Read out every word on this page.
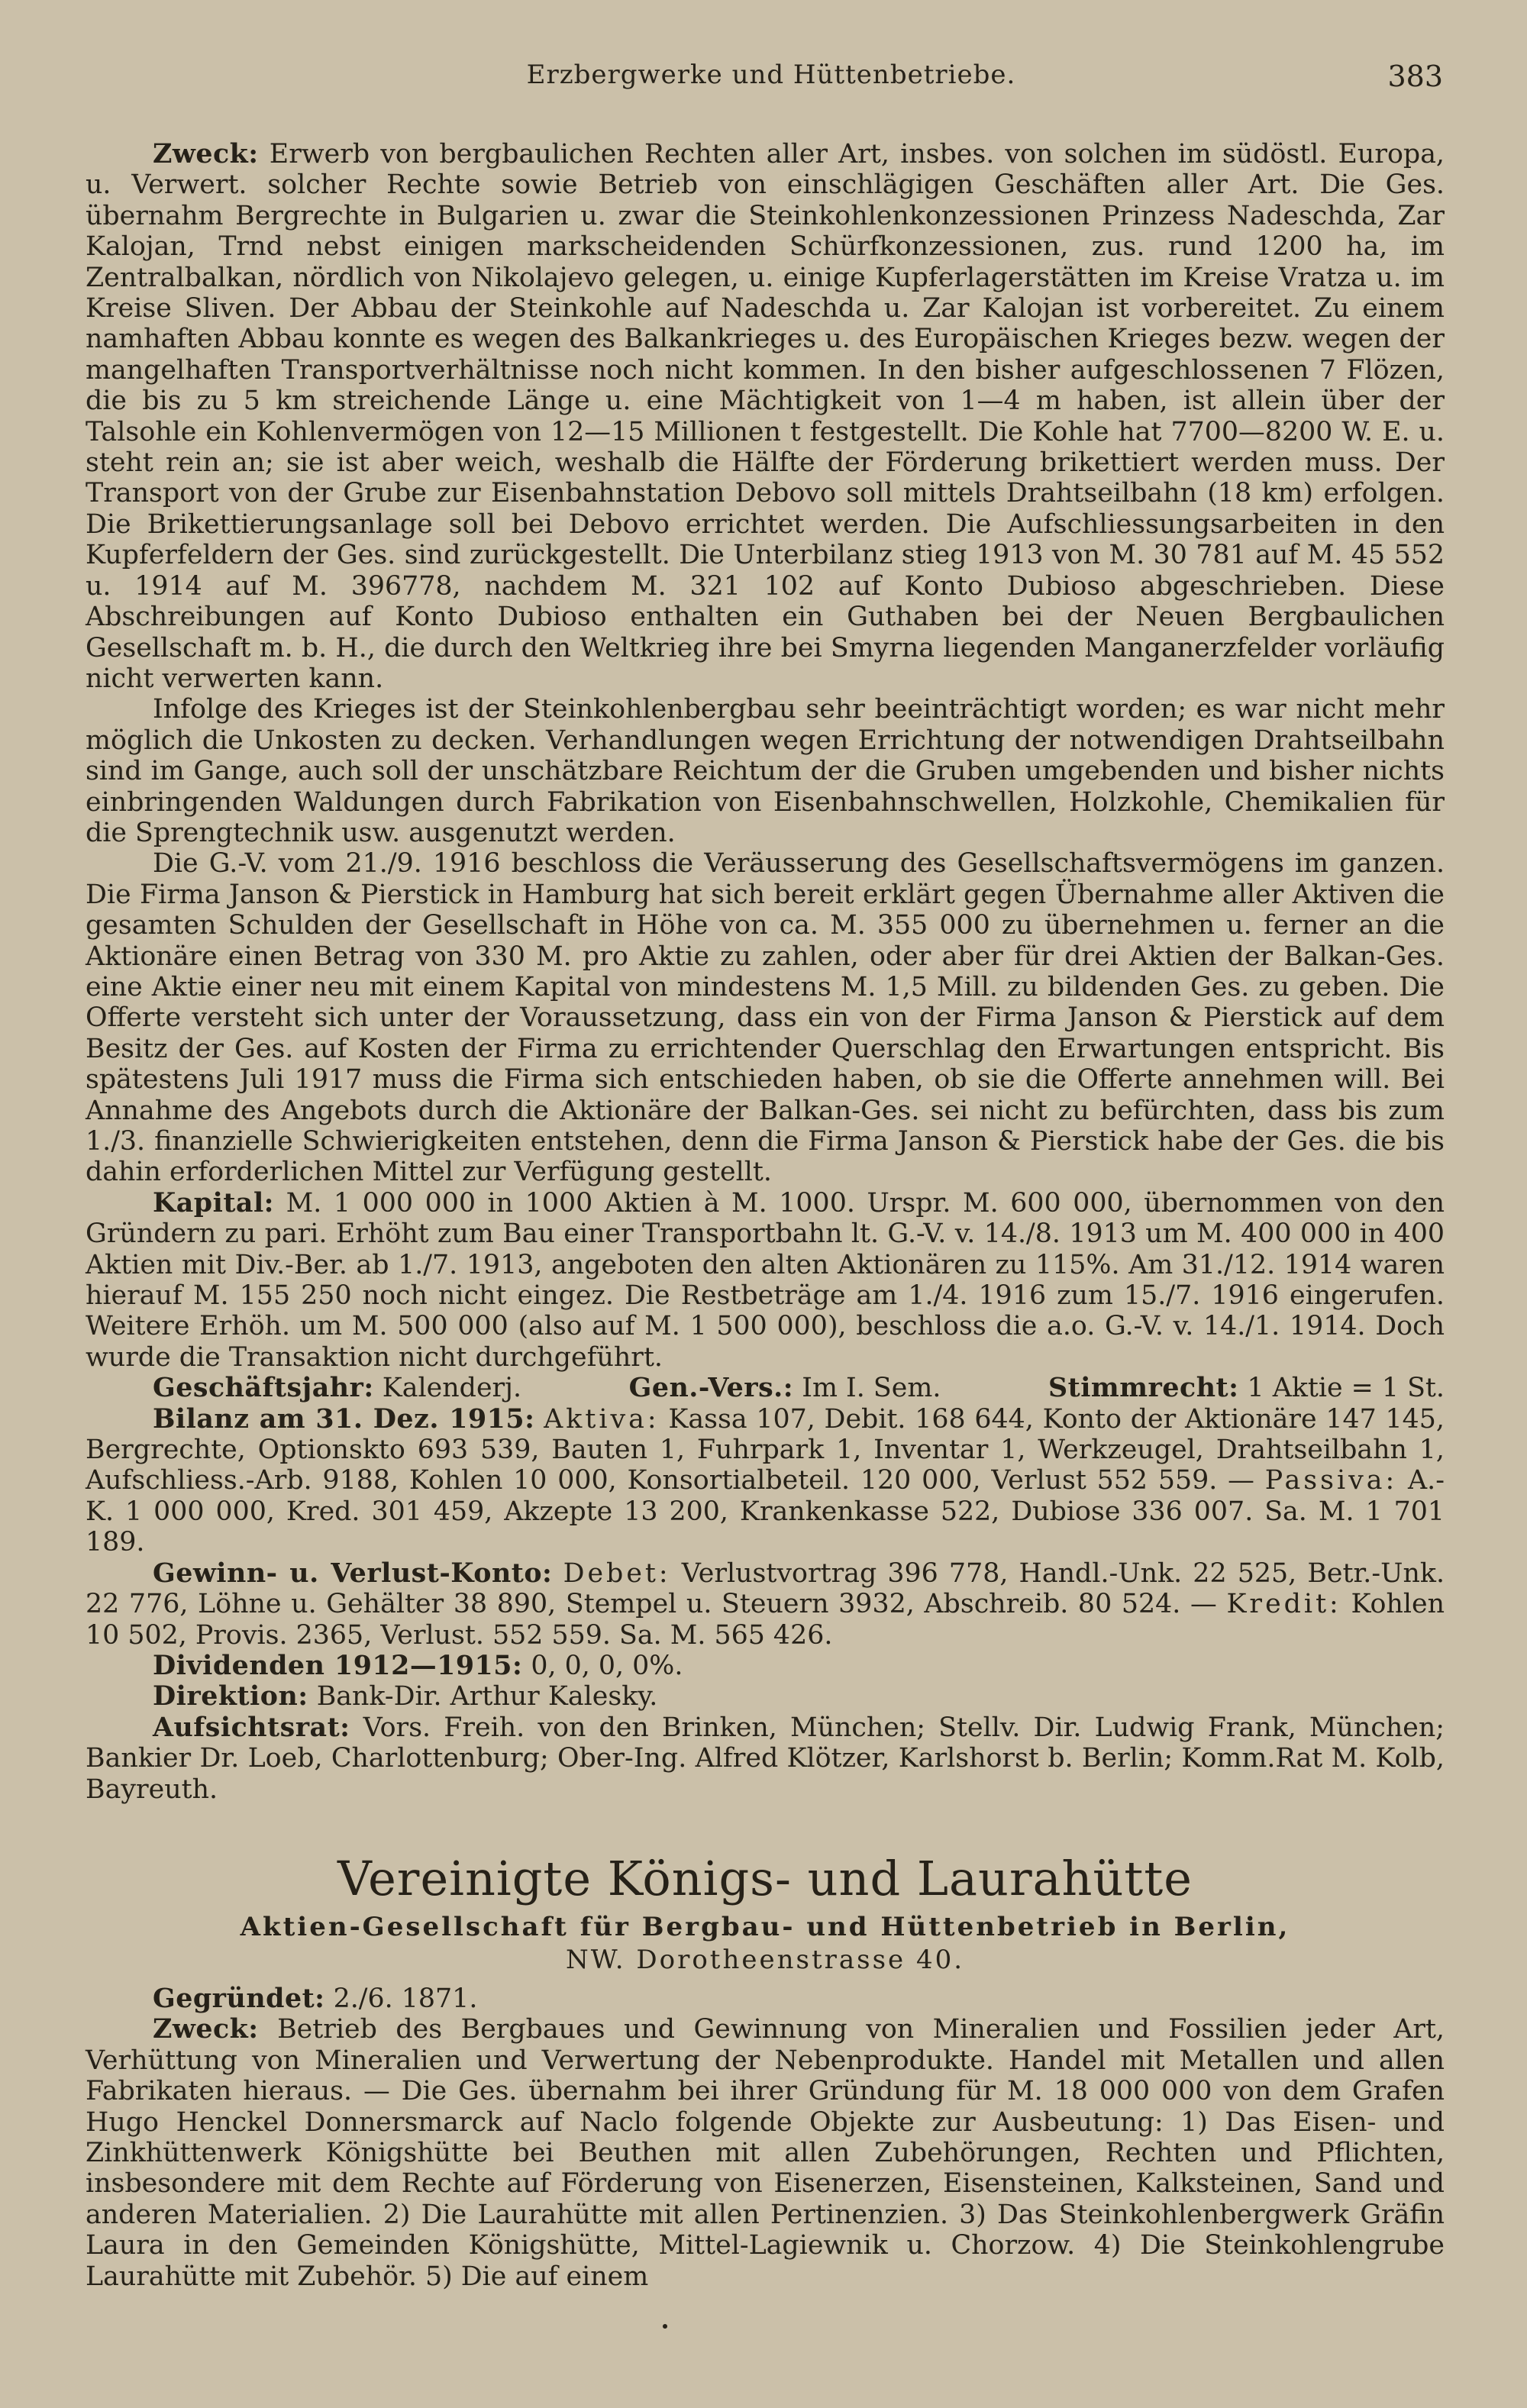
Erzbergwerke und Hüttenbetriebe.	383

Zweck: Erwerb von bergbaulichen Rechten aller Art, insbes. von solchen im südöstl. Europa, u. Verwert. solcher Rechte sowie Betrieb von einschlägigen Geschäften aller Art. Die Ges. übernahm Bergrechte in Bulgarien u. zwar die Steinkohlenkonzessionen Prinzess Nadeschda, Zar Kalojan, Trnd nebst einigen markscheidenden Schürfkonzessionen, zus. rund 1200 ha, im Zentralbalkan, nördlich von Nikolajevo gelegen, u. einige Kupferlagerstätten im Kreise Vratza u. im Kreise Sliven. Der Abbau der Steinkohle auf Nadeschda u. Zar Kalojan ist vorbereitet. Zu einem namhaften Abbau konnte es wegen des Balkankrieges u. des Europäischen Krieges bezw. wegen der mangelhaften Transportverhältnisse noch nicht kommen. In den bisher aufgeschlossenen 7 Flözen, die bis zu 5 km streichende Länge u. eine Mächtigkeit von 1—4 m haben, ist allein über der Talsohle ein Kohlenvermögen von 12—15 Millionen t festgestellt. Die Kohle hat 7700—8200 W. E. u. steht rein an; sie ist aber weich, weshalb die Hälfte der Förderung brikettiert werden muss. Der Transport von der Grube zur Eisenbahnstation Debovo soll mittels Drahtseilbahn (18 km) erfolgen. Die Brikettierungsanlage soll bei Debovo errichtet werden. Die Aufschliessungsarbeiten in den Kupferfeldern der Ges. sind zurückgestellt. Die Unterbilanz stieg 1913 von M. 30 781 auf M. 45 552 u. 1914 auf M. 396778, nachdem M. 321 102 auf Konto Dubioso abgeschrieben. Diese Abschreibungen auf Konto Dubioso enthalten ein Guthaben bei der Neuen Bergbaulichen Gesellschaft m. b. H., die durch den Weltkrieg ihre bei Smyrna liegenden Manganerzfelder vorläufig nicht verwerten kann.

Infolge des Krieges ist der Steinkohlenbergbau sehr beeinträchtigt worden; es war nicht mehr möglich die Unkosten zu decken. Verhandlungen wegen Errichtung der notwendigen Drahtseilbahn sind im Gange, auch soll der unschätzbare Reichtum der die Gruben umgebenden und bisher nichts einbringenden Waldungen durch Fabrikation von Eisenbahnschwellen, Holzkohle, Chemikalien für die Sprengtechnik usw. ausgenutzt werden.

Die G.-V. vom 21./9. 1916 beschloss die Veräusserung des Gesellschaftsvermögens im ganzen. Die Firma Janson & Pierstick in Hamburg hat sich bereit erklärt gegen Übernahme aller Aktiven die gesamten Schulden der Gesellschaft in Höhe von ca. M. 355 000 zu übernehmen u. ferner an die Aktionäre einen Betrag von 330 M. pro Aktie zu zahlen, oder aber für drei Aktien der Balkan-Ges. eine Aktie einer neu mit einem Kapital von mindestens M. 1,5 Mill. zu bildenden Ges. zu geben. Die Offerte versteht sich unter der Voraussetzung, dass ein von der Firma Janson & Pierstick auf dem Besitz der Ges. auf Kosten der Firma zu errichtender Querschlag den Erwartungen entspricht. Bis spätestens Juli 1917 muss die Firma sich entschieden haben, ob sie die Offerte annehmen will. Bei Annahme des Angebots durch die Aktionäre der Balkan-Ges. sei nicht zu befürchten, dass bis zum 1./3. finanzielle Schwierigkeiten entstehen, denn die Firma Janson & Pierstick habe der Ges. die bis dahin erforderlichen Mittel zur Verfügung gestellt.

Kapital: M. 1 000 000 in 1000 Aktien à M. 1000. Urspr. M. 600 000, übernommen von den Gründern zu pari. Erhöht zum Bau einer Transportbahn lt. G.-V. v. 14./8. 1913 um M. 400 000 in 400 Aktien mit Div.-Ber. ab 1./7. 1913, angeboten den alten Aktionären zu 115%. Am 31./12. 1914 waren hierauf M. 155 250 noch nicht eingez. Die Restbeträge am 1./4. 1916 zum 15./7. 1916 eingerufen. Weitere Erhöh. um M. 500 000 (also auf M. 1 500 000), beschloss die a.o. G.-V. v. 14./1. 1914. Doch wurde die Transaktion nicht durchgeführt.

Geschäftsjahr: Kalenderj.	Gen.-Vers.: Im I. Sem.	Stimmrecht: 1 Aktie = 1 St.

Bilanz am 31. Dez. 1915: Aktiva: Kassa 107, Debit. 168 644, Konto der Aktionäre 147 145, Bergrechte, Optionskto 693 539, Bauten 1, Fuhrpark 1, Inventar 1, Werkzeugel, Drahtseilbahn 1, Aufschliess.-Arb. 9188, Kohlen 10 000, Konsortialbeteil. 120 000, Verlust 552 559. — Passiva: A.-K. 1 000 000, Kred. 301 459, Akzepte 13 200, Krankenkasse 522, Dubiose 336 007. Sa. M. 1 701 189.

Gewinn- u. Verlust-Konto: Debet: Verlustvortrag 396 778, Handl.-Unk. 22 525, Betr.-Unk. 22 776, Löhne u. Gehälter 38 890, Stempel u. Steuern 3932, Abschreib. 80 524. — Kredit: Kohlen 10 502, Provis. 2365, Verlust. 552 559. Sa. M. 565 426.

Dividenden 1912—1915: 0, 0, 0, 0%.

Direktion: Bank-Dir. Arthur Kalesky.

Aufsichtsrat: Vors. Freih. von den Brinken, München; Stellv. Dir. Ludwig Frank, München; Bankier Dr. Loeb, Charlottenburg; Ober-Ing. Alfred Klötzer, Karlshorst b. Berlin; Komm.Rat M. Kolb, Bayreuth.

Vereinigte Königs- und Laurahütte
Aktien-Gesellschaft für Bergbau- und Hüttenbetrieb in Berlin,
NW. Dorotheenstrasse 40.

Gegründet: 2./6. 1871.

Zweck: Betrieb des Bergbaues und Gewinnung von Mineralien und Fossilien jeder Art, Verhüttung von Mineralien und Verwertung der Nebenprodukte. Handel mit Metallen und allen Fabrikaten hieraus. — Die Ges. übernahm bei ihrer Gründung für M. 18 000 000 von dem Grafen Hugo Henckel Donnersmarck auf Naclo folgende Objekte zur Ausbeutung: 1) Das Eisen- und Zinkhüttenwerk Königshütte bei Beuthen mit allen Zubehörungen, Rechten und Pflichten, insbesondere mit dem Rechte auf Förderung von Eisenerzen, Eisensteinen, Kalksteinen, Sand und anderen Materialien. 2) Die Laurahütte mit allen Pertinenzien. 3) Das Steinkohlenbergwerk Gräfin Laura in den Gemeinden Königshütte, Mittel-Lagiewnik u. Chorzow. 4) Die Steinkohlengrube Laurahütte mit Zubehör. 5) Die auf einem
